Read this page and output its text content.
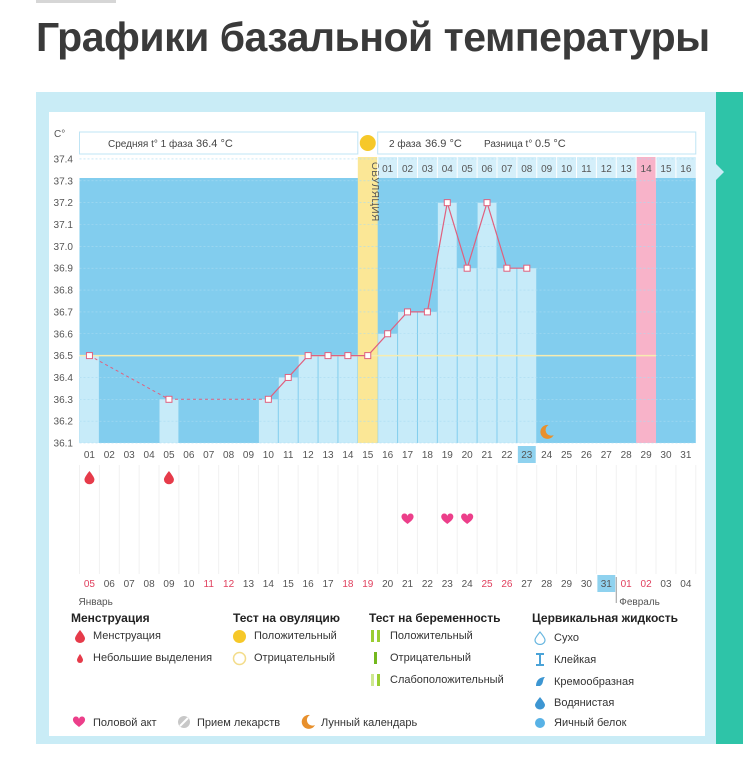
Графики базальной температуры
ОВУЛЯЦИЯ
Средняя t° 1 фаза 36.4 °C	2 фаза 36.9 °C Разница t° 0.5 °C
01 02 03 04 05 06 07 08 09 10 11 12 13 14 15 16
C°
37.4
37.3
37.2
37.1
37.0
36.9
36.8
36.7
36.6
36.5
36.4
36.3
36.2
36.1
01 02 03 04 05 06 07 08 09 10 11 12 13 14 15 16 17 18 19 20 21 22 23 24 25 26 27 28 29 30 31
05 06 07 08 09 10 11 12 13 14 15 16 17 18 19 20 21 22 23 24 25 26 27 28 29 30 31 01 02 03 04
Январь	Февраль
Менструация
Менструация
Небольшие выделения
Тест на овуляцию
Положительный
Отрицательный
Тест на беременность
Положительный
Отрицательный
Слабоположительный
Цервикальная жидкость
Сухо
Клейкая
Кремообразная
Водянистая
Яичный белок
Половой акт	Прием лекарств	Лунный календарь
